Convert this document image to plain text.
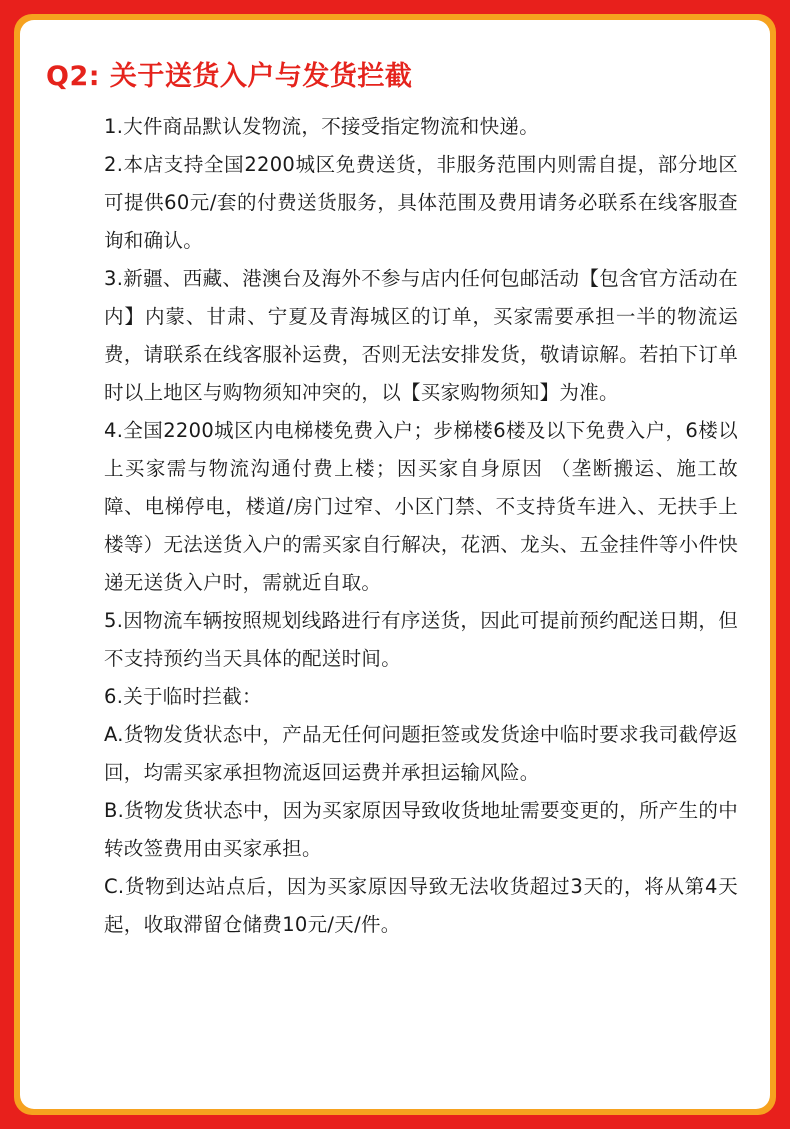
Q2: 关于送货入户与发货拦截

1.大件商品默认发物流，不接受指定物流和快递。

2.本店支持全国2200城区免费送货，非服务范围内则需自提，部分地区可提供60元/套的付费送货服务，具体范围及费用请务必联系在线客服查询和确认。

3.新疆、西藏、港澳台及海外不参与店内任何包邮活动【包含官方活动在内】内蒙、甘肃、宁夏及青海城区的订单，买家需要承担一半的物流运费，请联系在线客服补运费，否则无法安排发货，敬请谅解。若拍下订单时以上地区与购物须知冲突的，以【买家购物须知】为准。

4.全国2200城区内电梯楼免费入户；步梯楼6楼及以下免费入户，6楼以上买家需与物流沟通付费上楼；因买家自身原因 （垄断搬运、施工故障、电梯停电，楼道/房门过窄、小区门禁、不支持货车进入、无扶手上楼等）无法送货入户的需买家自行解决，花洒、龙头、五金挂件等小件快递无送货入户时，需就近自取。

5.因物流车辆按照规划线路进行有序送货，因此可提前预约配送日期，但不支持预约当天具体的配送时间。

6.关于临时拦截：

A.货物发货状态中，产品无任何问题拒签或发货途中临时要求我司截停返回，均需买家承担物流返回运费并承担运输风险。

B.货物发货状态中，因为买家原因导致收货地址需要变更的，所产生的中转改签费用由买家承担。

C.货物到达站点后，因为买家原因导致无法收货超过3天的，将从第4天起，收取滞留仓储费10元/天/件。
